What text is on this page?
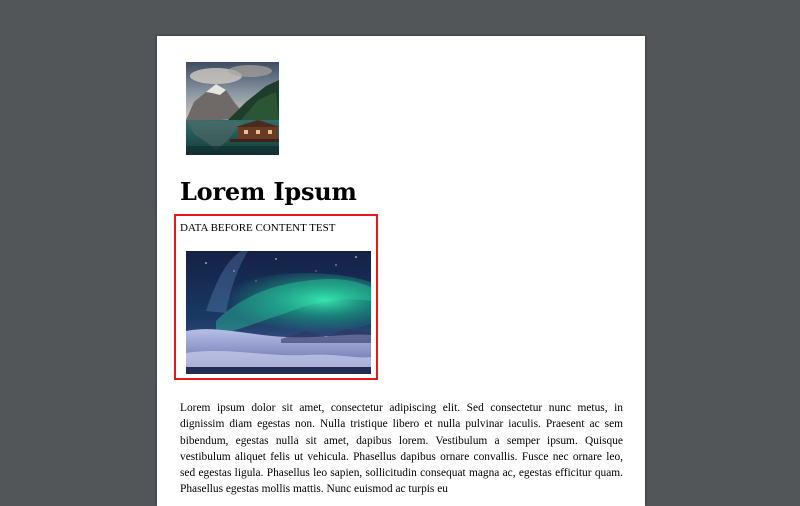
Lorem Ipsum
DATA BEFORE CONTENT TEST

Lorem ipsum dolor sit amet, consectetur adipiscing elit. Sed consectetur nunc metus, in dignissim diam egestas non. Nulla tristique libero et nulla pulvinar iaculis. Praesent ac sem bibendum, egestas nulla sit amet, dapibus lorem. Vestibulum a semper ipsum. Quisque vestibulum aliquet felis ut vehicula. Phasellus dapibus ornare convallis. Fusce nec ornare leo, sed egestas ligula. Phasellus leo sapien, sollicitudin consequat magna ac, egestas efficitur quam. Phasellus egestas mollis mattis. Nunc euismod ac turpis eu
